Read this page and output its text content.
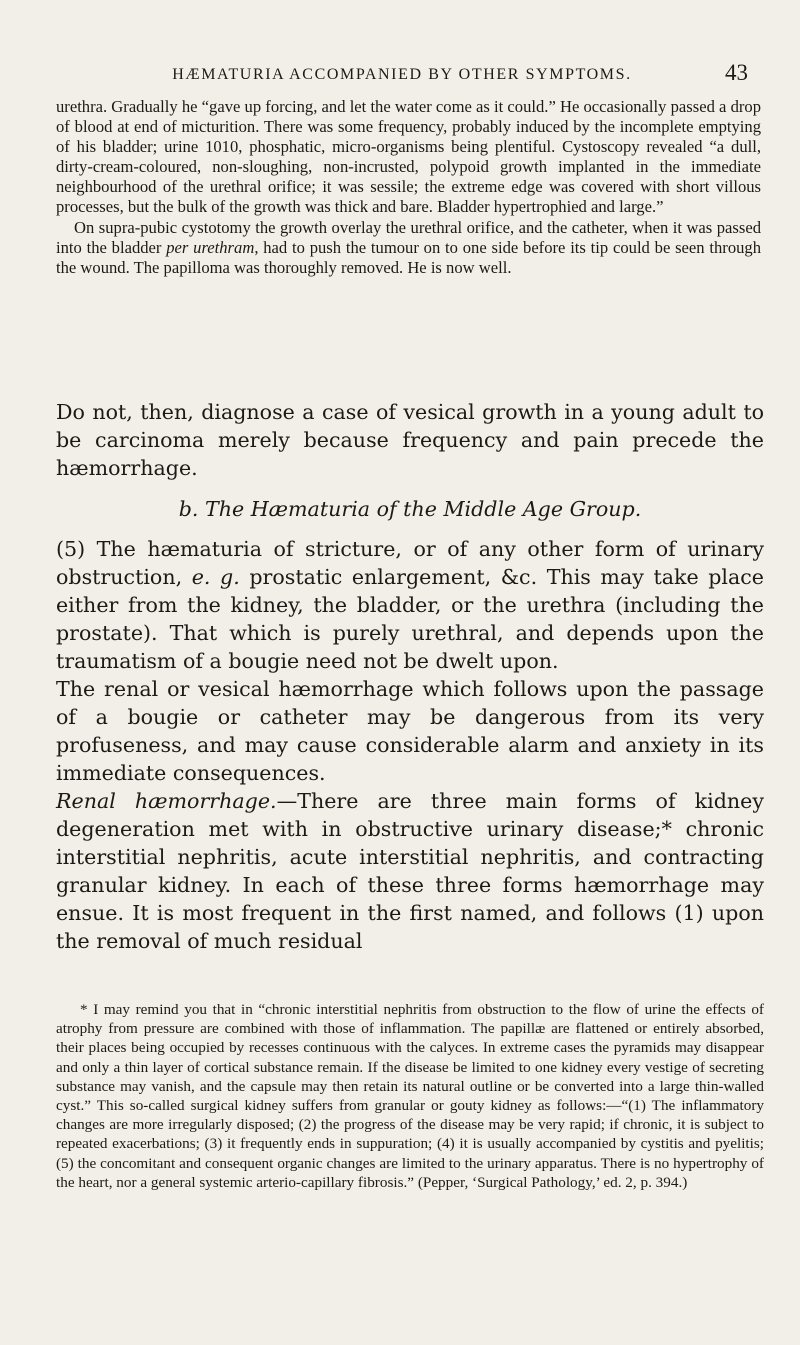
HÆMATURIA ACCOMPANIED BY OTHER SYMPTOMS.	43

urethra. Gradually he “gave up forcing, and let the water come as it could.” He occasionally passed a drop of blood at end of micturition. There was some frequency, probably induced by the incomplete emptying of his bladder; urine 1010, phosphatic, micro-organisms being plentiful. Cystoscopy revealed “a dull, dirty-cream-coloured, non-sloughing, non-incrusted, polypoid growth implanted in the immediate neighbourhood of the urethral orifice; it was sessile; the extreme edge was covered with short villous processes, but the bulk of the growth was thick and bare. Bladder hypertrophied and large.”

On supra-pubic cystotomy the growth overlay the urethral orifice, and the catheter, when it was passed into the bladder per urethram, had to push the tumour on to one side before its tip could be seen through the wound. The papilloma was thoroughly removed. He is now well.

Do not, then, diagnose a case of vesical growth in a young adult to be carcinoma merely because frequency and pain precede the hæmorrhage.

b. The Hæmaturia of the Middle Age Group.

(5) The hæmaturia of stricture, or of any other form of urinary obstruction, e. g. prostatic enlargement, &c. This may take place either from the kidney, the bladder, or the urethra (including the prostate). That which is purely urethral, and depends upon the traumatism of a bougie need not be dwelt upon.

The renal or vesical hæmorrhage which follows upon the passage of a bougie or catheter may be dangerous from its very profuseness, and may cause considerable alarm and anxiety in its immediate consequences.

Renal hæmorrhage.—There are three main forms of kidney degeneration met with in obstructive urinary disease;* chronic interstitial nephritis, acute interstitial nephritis, and contracting granular kidney. In each of these three forms hæmorrhage may ensue. It is most frequent in the first named, and follows (1) upon the removal of much residual

* I may remind you that in “chronic interstitial nephritis from obstruction to the flow of urine the effects of atrophy from pressure are combined with those of inflammation. The papillæ are flattened or entirely absorbed, their places being occupied by recesses continuous with the calyces. In extreme cases the pyramids may disappear and only a thin layer of cortical substance remain. If the disease be limited to one kidney every vestige of secreting substance may vanish, and the capsule may then retain its natural outline or be converted into a large thin-walled cyst.” This so-called surgical kidney suffers from granular or gouty kidney as follows:—“(1) The inflammatory changes are more irregularly disposed; (2) the progress of the disease may be very rapid; if chronic, it is subject to repeated exacerbations; (3) it frequently ends in suppuration; (4) it is usually accompanied by cystitis and pyelitis; (5) the concomitant and consequent organic changes are limited to the urinary apparatus. There is no hypertrophy of the heart, nor a general systemic arterio-capillary fibrosis.” (Pepper, ‘Surgical Pathology,’ ed. 2, p. 394.)
